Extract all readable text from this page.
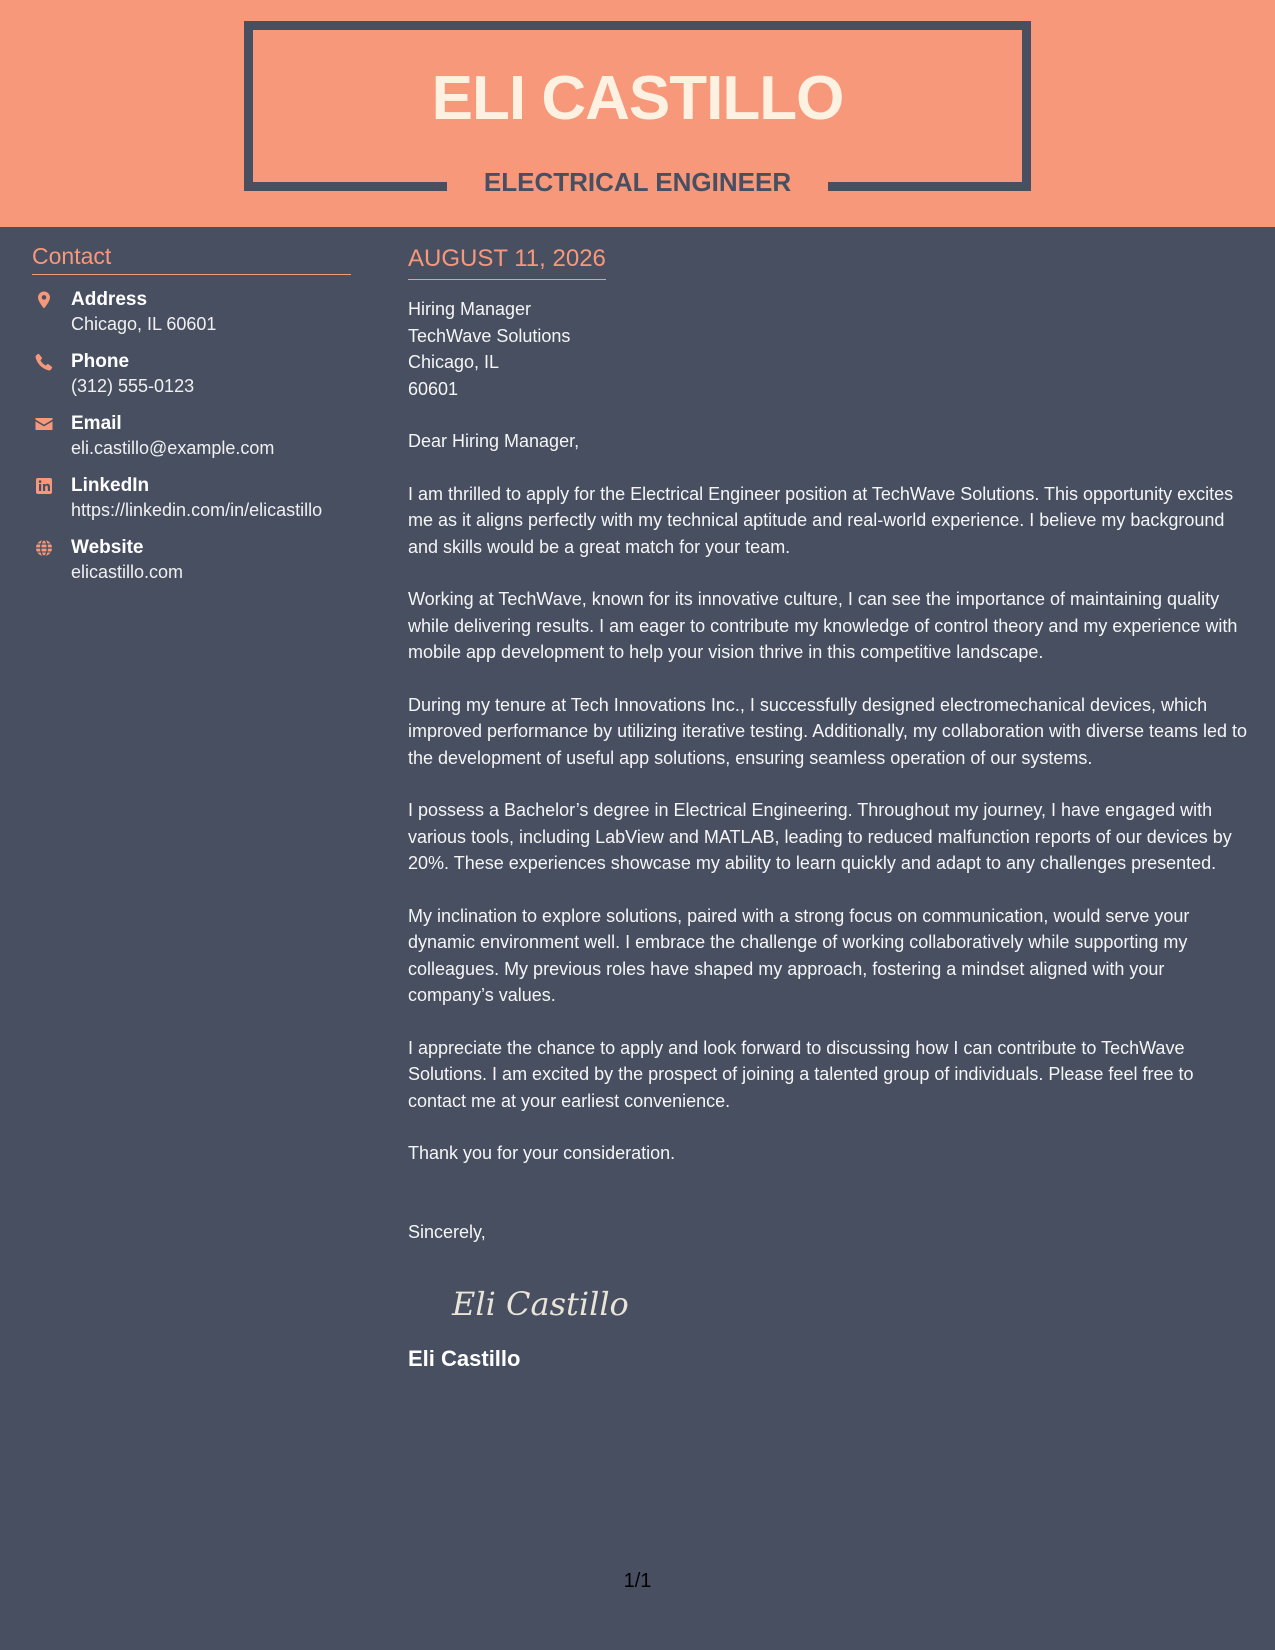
ELI CASTILLO
ELECTRICAL ENGINEER
Contact
Address
Chicago, IL 60601
Phone
(312) 555-0123
Email
eli.castillo@example.com
LinkedIn
https://linkedin.com/in/elicastillo
Website
elicastillo.com
AUGUST 11, 2026
Hiring Manager
TechWave Solutions
Chicago, IL
60601

Dear Hiring Manager,

I am thrilled to apply for the Electrical Engineer position at TechWave Solutions. This opportunity excites me as it aligns perfectly with my technical aptitude and real-world experience. I believe my background and skills would be a great match for your team.

Working at TechWave, known for its innovative culture, I can see the importance of maintaining quality while delivering results. I am eager to contribute my knowledge of control theory and my experience with mobile app development to help your vision thrive in this competitive landscape.

During my tenure at Tech Innovations Inc., I successfully designed electromechanical devices, which improved performance by utilizing iterative testing. Additionally, my collaboration with diverse teams led to the development of useful app solutions, ensuring seamless operation of our systems.

I possess a Bachelor’s degree in Electrical Engineering. Throughout my journey, I have engaged with various tools, including LabView and MATLAB, leading to reduced malfunction reports of our devices by 20%. These experiences showcase my ability to learn quickly and adapt to any challenges presented.

My inclination to explore solutions, paired with a strong focus on communication, would serve your dynamic environment well. I embrace the challenge of working collaboratively while supporting my colleagues. My previous roles have shaped my approach, fostering a mindset aligned with your company’s values.

I appreciate the chance to apply and look forward to discussing how I can contribute to TechWave Solutions. I am excited by the prospect of joining a talented group of individuals. Please feel free to contact me at your earliest convenience.

Thank you for your consideration.

Sincerely,
Eli Castillo
Eli Castillo
1/1
